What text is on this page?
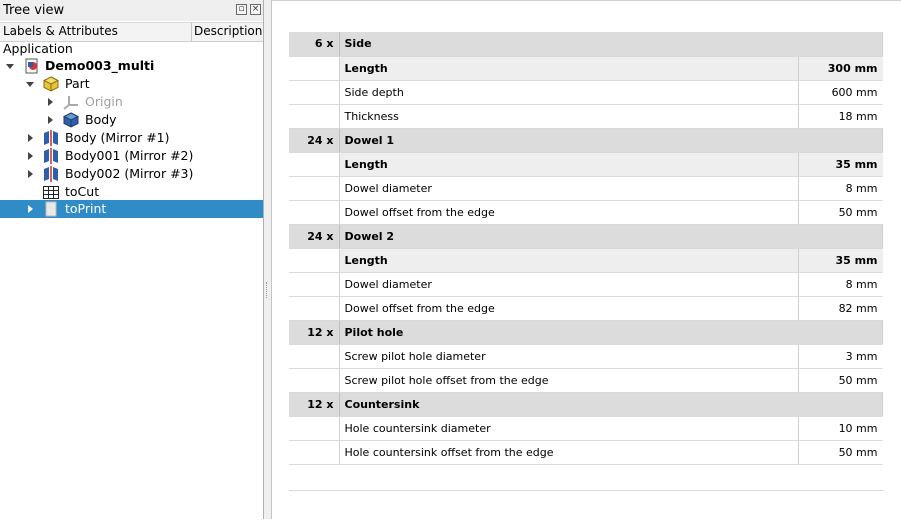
Tree view	▫ ×
Labels & Attributes	Description
Application
Demo003_multi
Part
Origin
Body
Body (Mirror #1)
Body001 (Mirror #2)
Body002 (Mirror #3)
toCut
toPrint
6 x	Side	
	Length	300 mm
	Side depth	600 mm
	Thickness	18 mm
24 x	Dowel 1	
	Length	35 mm
	Dowel diameter	8 mm
	Dowel offset from the edge	50 mm
24 x	Dowel 2	
	Length	35 mm
	Dowel diameter	8 mm
	Dowel offset from the edge	82 mm
12 x	Pilot hole	
	Screw pilot hole diameter	3 mm
	Screw pilot hole offset from the edge	50 mm
12 x	Countersink	
	Hole countersink diameter	10 mm
	Hole countersink offset from the edge	50 mm
